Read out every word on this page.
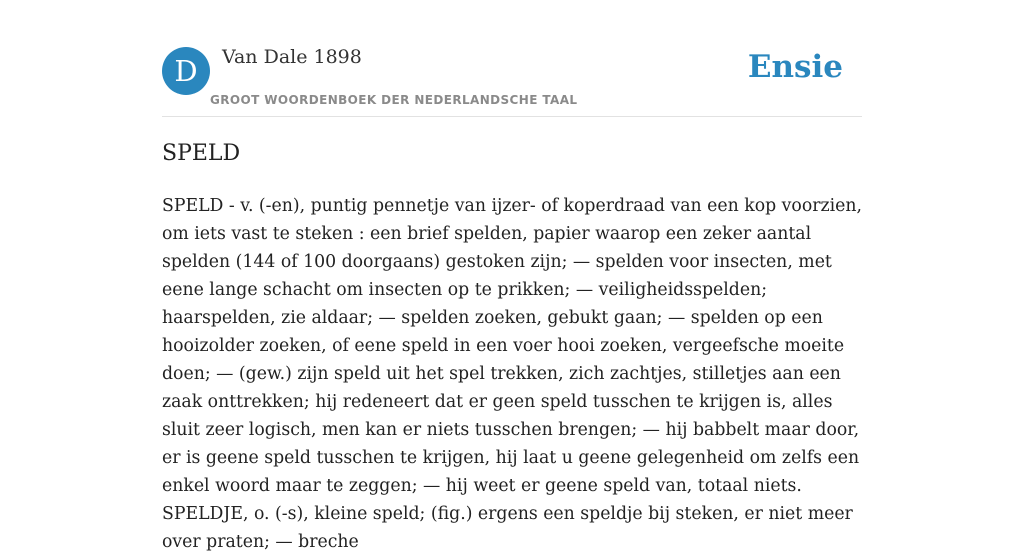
D	Van Dale 1898
GROOT WOORDENBOEK DER NEDERLANDSCHE TAAL
Ensie
SPELD

SPELD - v. (-en), puntig pennetje van ijzer- of koperdraad van een kop voorzien, om iets vast te steken : een brief spelden, papier waarop een zeker aantal spelden (144 of 100 doorgaans) gestoken zijn; — spelden voor insecten, met eene lange schacht om insecten op te prikken; — veiligheidsspelden; haarspelden, zie aldaar; — spelden zoeken, gebukt gaan; — spelden op een hooizolder zoeken, of eene speld in een voer hooi zoeken, vergeefsche moeite doen; — (gew.) zijn speld uit het spel trekken, zich zachtjes, stilletjes aan een zaak onttrekken; hij redeneert dat er geen speld tusschen te krijgen is, alles sluit zeer logisch, men kan er niets tusschen brengen; — hij babbelt maar door, er is geene speld tusschen te krijgen, hij laat u geene gelegenheid om zelfs een enkel woord maar te zeggen; — hij weet er geene speld van, totaal niets. SPELDJE, o. (-s), kleine speld; (fig.) ergens een speldje bij steken, er niet meer over praten; — breche
